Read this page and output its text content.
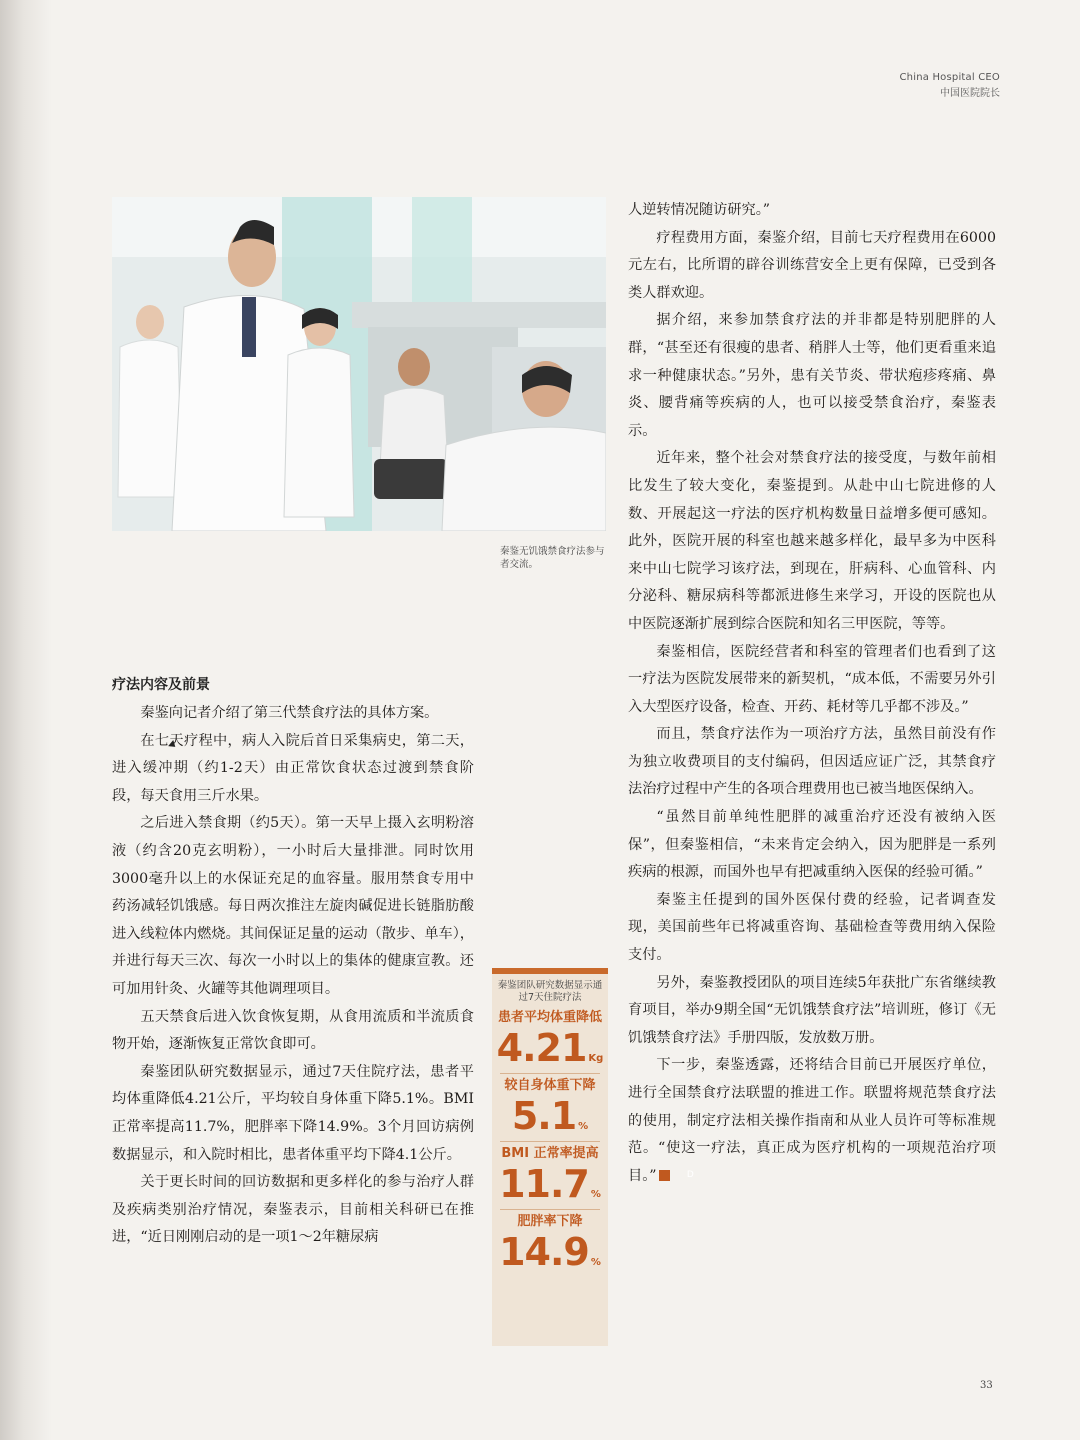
China Hospital CEO
中国医院院长
秦鉴无饥饿禁食疗法参与者交流。
疗法内容及前景

秦鉴向记者介绍了第三代禁食疗法的具体方案。

在七天疗程中，病人入院后首日采集病史，第二天，进入缓冲期（约1-2天）由正常饮食状态过渡到禁食阶段，每天食用三斤水果。

之后进入禁食期（约5天）。第一天早上摄入玄明粉溶液（约含20克玄明粉），一小时后大量排泄。同时饮用3000毫升以上的水保证充足的血容量。服用禁食专用中药汤减轻饥饿感。每日两次推注左旋肉碱促进长链脂肪酸进入线粒体内燃烧。其间保证足量的运动（散步、单车），并进行每天三次、每次一小时以上的集体的健康宣教。还可加用针灸、火罐等其他调理项目。

五天禁食后进入饮食恢复期，从食用流质和半流质食物开始，逐渐恢复正常饮食即可。

秦鉴团队研究数据显示，通过7天住院疗法，患者平均体重降低4.21公斤，平均较自身体重下降5.1%。BMI正常率提高11.7%，肥胖率下降14.9%。3个月回访病例数据显示，和入院时相比，患者体重平均下降4.1公斤。

关于更长时间的回访数据和更多样化的参与治疗人群及疾病类别治疗情况，秦鉴表示，目前相关科研已在推进，“近日刚刚启动的是一项1～2年糖尿病

人逆转情况随访研究。”

疗程费用方面，秦鉴介绍，目前七天疗程费用在6000元左右，比所谓的辟谷训练营安全上更有保障，已受到各类人群欢迎。

据介绍，来参加禁食疗法的并非都是特别肥胖的人群，“甚至还有很瘦的患者、稍胖人士等，他们更看重来追求一种健康状态。”另外，患有关节炎、带状疱疹疼痛、鼻炎、腰背痛等疾病的人，也可以接受禁食治疗，秦鉴表示。

近年来，整个社会对禁食疗法的接受度，与数年前相比发生了较大变化，秦鉴提到。从赴中山七院进修的人数、开展起这一疗法的医疗机构数量日益增多便可感知。此外，医院开展的科室也越来越多样化，最早多为中医科来中山七院学习该疗法，到现在，肝病科、心血管科、内分泌科、糖尿病科等都派进修生来学习，开设的医院也从中医院逐渐扩展到综合医院和知名三甲医院，等等。

秦鉴相信，医院经营者和科室的管理者们也看到了这一疗法为医院发展带来的新契机，“成本低，不需要另外引入大型医疗设备，检查、开药、耗材等几乎都不涉及。”

而且，禁食疗法作为一项治疗方法，虽然目前没有作为独立收费项目的支付编码，但因适应证广泛，其禁食疗法治疗过程中产生的各项合理费用也已被当地医保纳入。

“虽然目前单纯性肥胖的减重治疗还没有被纳入医保”，但秦鉴相信，“未来肯定会纳入，因为肥胖是一系列疾病的根源，而国外也早有把减重纳入医保的经验可循。”

秦鉴主任提到的国外医保付费的经验，记者调查发现，美国前些年已将减重咨询、基础检查等费用纳入保险支付。

另外，秦鉴教授团队的项目连续5年获批广东省继续教育项目，举办9期全国“无饥饿禁食疗法”培训班，修订《无饥饿禁食疗法》手册四版，发放数万册。

下一步，秦鉴透露，还将结合目前已开展医疗单位，进行全国禁食疗法联盟的推进工作。联盟将规范禁食疗法的使用，制定疗法相关操作指南和从业人员许可等标准规范。“使这一疗法，真正成为医疗机构的一项规范治疗项目。”	D

秦鉴团队研究数据显示通过7天住院疗法
患者平均体重降低
4.21 Kg
较自身体重下降
5.1 %
BMI 正常率提高
11.7 %
肥胖率下降
14.9 %
33
